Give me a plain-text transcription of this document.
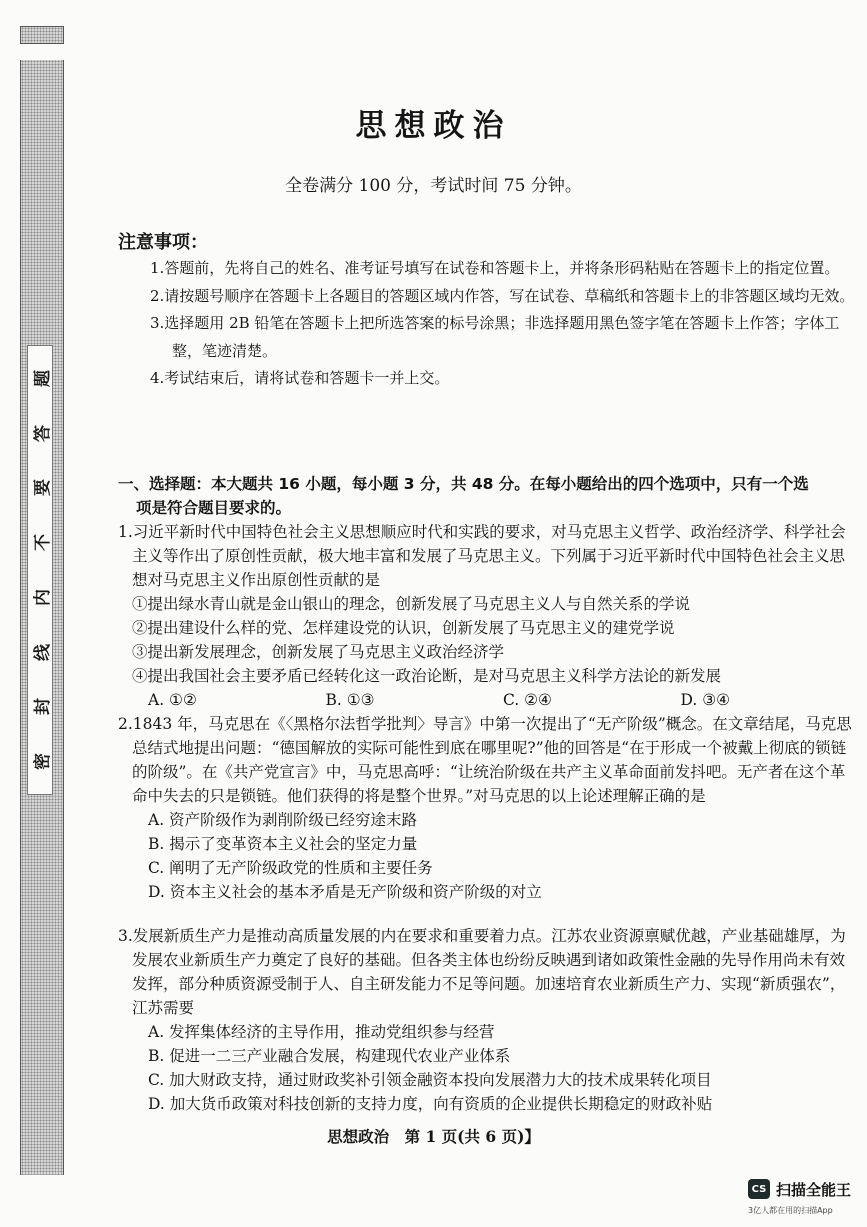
题
答
要
不
内
线
封
密
思想政治
全卷满分 100 分，考试时间 75 分钟。
注意事项：

1.答题前，先将自己的姓名、准考证号填写在试卷和答题卡上，并将条形码粘贴在答题卡上的指定位置。

2.请按题号顺序在答题卡上各题目的答题区域内作答，写在试卷、草稿纸和答题卡上的非答题区域均无效。

3.选择题用 2B 铅笔在答题卡上把所选答案的标号涂黑；非选择题用黑色签字笔在答题卡上作答；字体工整，笔迹清楚。

4.考试结束后，请将试卷和答题卡一并上交。

一、选择题：本大题共 16 小题，每小题 3 分，共 48 分。在每小题给出的四个选项中，只有一个选
项是符合题目要求的。

1.习近平新时代中国特色社会主义思想顺应时代和实践的要求，对马克思主义哲学、政治经济学、科学社会主义等作出了原创性贡献，极大地丰富和发展了马克思主义。下列属于习近平新时代中国特色社会主义思想对马克思主义作出原创性贡献的是

①提出绿水青山就是金山银山的理念，创新发展了马克思主义人与自然关系的学说

②提出建设什么样的党、怎样建设党的认识，创新发展了马克思主义的建党学说

③提出新发展理念，创新发展了马克思主义政治经济学

④提出我国社会主要矛盾已经转化这一政治论断，是对马克思主义科学方法论的新发展

A. ①②	B. ①③	C. ②④	D. ③④

2.1843 年，马克思在《〈黑格尔法哲学批判〉导言》中第一次提出了“无产阶级”概念。在文章结尾，马克思总结式地提出问题：“德国解放的实际可能性到底在哪里呢?”他的回答是“在于形成一个被戴上彻底的锁链的阶级”。在《共产党宣言》中，马克思高呼：“让统治阶级在共产主义革命面前发抖吧。无产者在这个革命中失去的只是锁链。他们获得的将是整个世界。”对马克思的以上论述理解正确的是

A. 资产阶级作为剥削阶级已经穷途末路

B. 揭示了变革资本主义社会的坚定力量

C. 阐明了无产阶级政党的性质和主要任务

D. 资本主义社会的基本矛盾是无产阶级和资产阶级的对立

3.发展新质生产力是推动高质量发展的内在要求和重要着力点。江苏农业资源禀赋优越，产业基础雄厚，为发展农业新质生产力奠定了良好的基础。但各类主体也纷纷反映遇到诸如政策性金融的先导作用尚未有效发挥，部分种质资源受制于人、自主研发能力不足等问题。加速培育农业新质生产力、实现“新质强农”，江苏需要

A. 发挥集体经济的主导作用，推动党组织参与经营

B. 促进一二三产业融合发展，构建现代农业产业体系

C. 加大财政支持，通过财政奖补引领金融资本投向发展潜力大的技术成果转化项目

D. 加大货币政策对科技创新的支持力度，向有资质的企业提供长期稳定的财政补贴

思想政治　第 1 页(共 6 页)】
CS 扫描全能王
3亿人都在用的扫描App
